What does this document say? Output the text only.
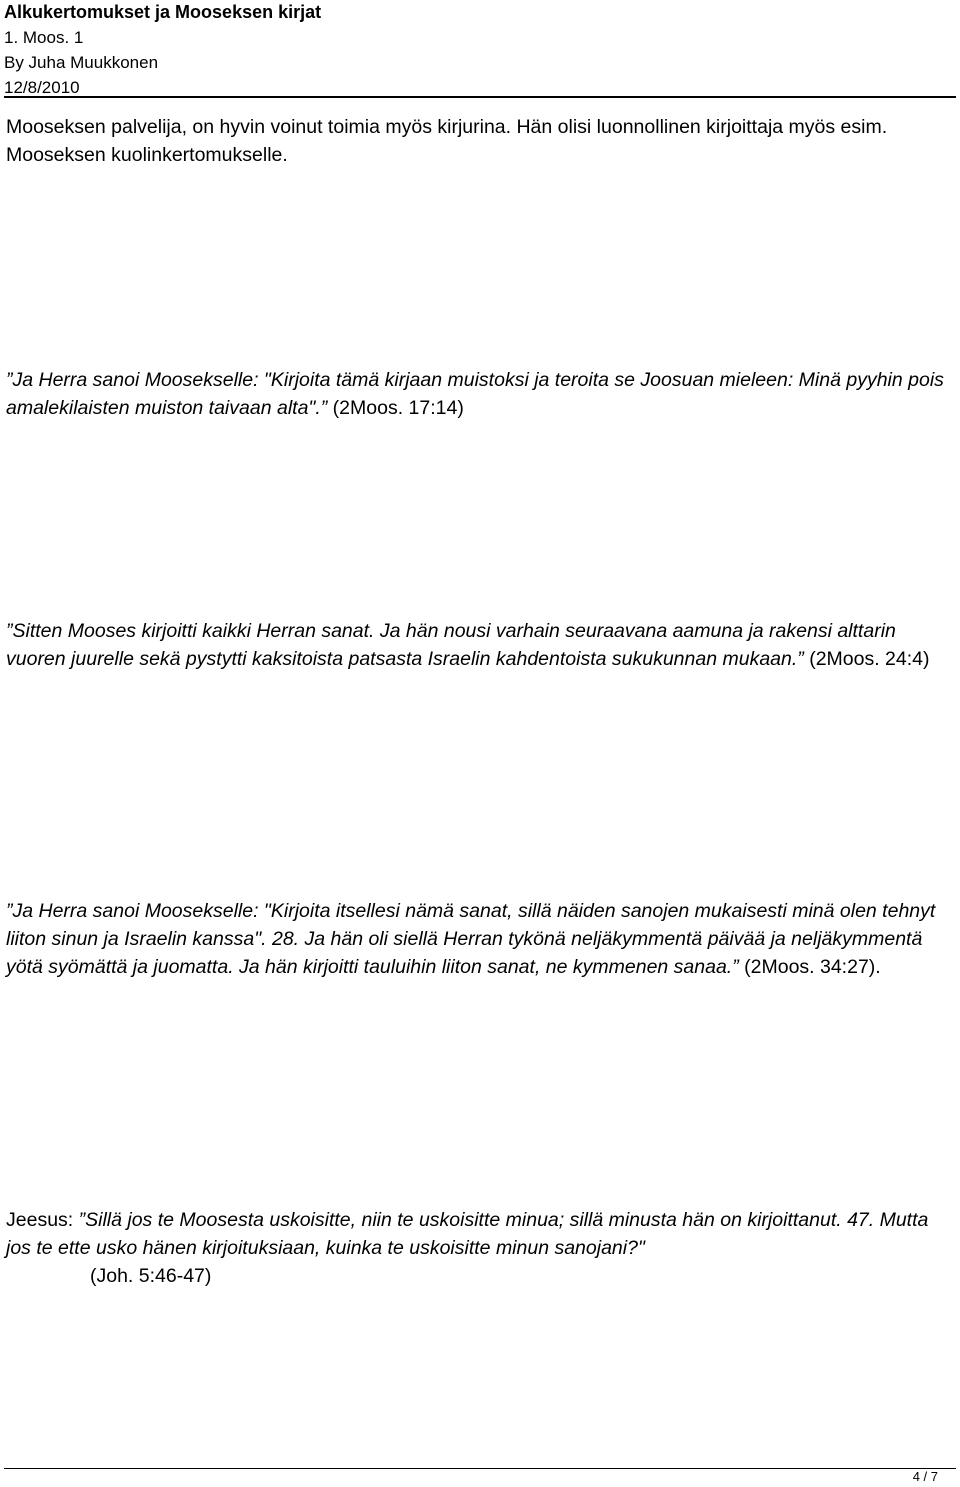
Alkukertomukset ja Mooseksen kirjat
1. Moos. 1
By Juha Muukkonen
12/8/2010
Mooseksen palvelija, on hyvin voinut toimia myös kirjurina. Hän olisi luonnollinen kirjoittaja myös esim. Mooseksen kuolinkertomukselle.
”Ja Herra sanoi Moosekselle: "Kirjoita tämä kirjaan muistoksi ja teroita se Joosuan mieleen: Minä pyyhin pois amalekilaisten muiston taivaan alta".” (2Moos. 17:14)
”Sitten Mooses kirjoitti kaikki Herran sanat. Ja hän nousi varhain seuraavana aamuna ja rakensi alttarin vuoren juurelle sekä pystytti kaksitoista patsasta Israelin kahdentoista sukukunnan mukaan.” (2Moos. 24:4)
”Ja Herra sanoi Moosekselle: "Kirjoita itsellesi nämä sanat, sillä näiden sanojen mukaisesti minä olen tehnyt liiton sinun ja Israelin kanssa". 28. Ja hän oli siellä Herran tykönä neljäkymmentä päivää ja neljäkymmentä yötä syömättä ja juomatta. Ja hän kirjoitti tauluihin liiton sanat, ne kymmenen sanaa.” (2Moos. 34:27).
Jeesus: ”Sillä jos te Moosesta uskoisitte, niin te uskoisitte minua; sillä minusta hän on kirjoittanut. 47. Mutta jos te ette usko hänen kirjoituksiaan, kuinka te uskoisitte minun sanojani?"
(Joh. 5:46-47)
4 / 7
